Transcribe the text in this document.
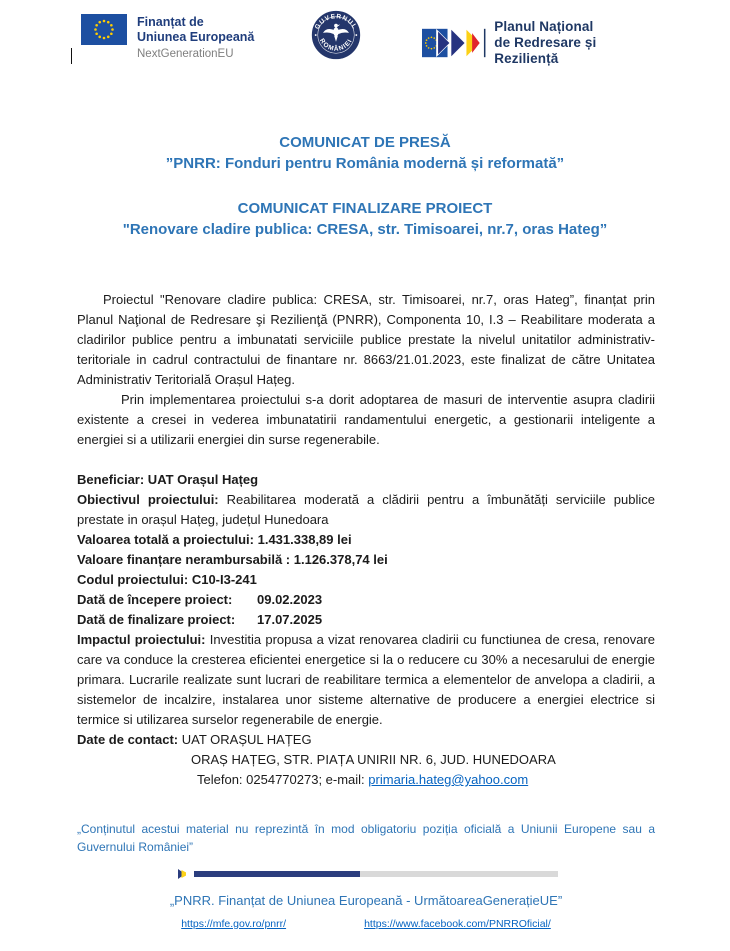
Finanțat de
Uniunea Europeană
NextGenerationEU
GUVERNUL
ROMÂNIEI
Planul Național
de Redresare și Reziliență
COMUNICAT DE PRESĂ
”PNRR: Fonduri pentru România modernă și reformată”
COMUNICAT FINALIZARE PROIECT
"Renovare cladire publica: CRESA, str. Timisoarei, nr.7, oras Hateg”

Proiectul "Renovare cladire publica: CRESA, str. Timisoarei, nr.7, oras Hateg”, finanțat prin Planul Naţional de Redresare şi Rezilienţă (PNRR), Componenta 10, I.3 – Reabilitare moderata a cladirilor publice pentru a imbunatati serviciile publice prestate la nivelul unitatilor administrativ-teritoriale in cadrul contractului de finantare nr. 8663/21.01.2023, este finalizat de către Unitatea Administrativ Teritorială Orașul Hațeg.

Prin implementarea proiectului s-a dorit adoptarea de masuri de interventie asupra cladirii existente a cresei in vederea imbunatatirii randamentului energetic, a gestionarii inteligente a energiei si a utilizarii energiei din surse regenerabile.

Beneficiar: UAT Orașul Hațeg

Obiectivul proiectului: Reabilitarea moderată a clădirii pentru a îmbunătăți serviciile publice prestate in orașul Hațeg, județul Hunedoara

Valoarea totală a proiectului: 1.431.338,89 lei

Valoare finanțare nerambursabilă : 1.126.378,74 lei

Codul proiectului: C10-I3-241

Dată de începere proiect: 09.02.2023

Dată de finalizare proiect: 17.07.2025

Impactul proiectului: Investitia propusa a vizat renovarea cladirii cu functiunea de cresa, renovare care va conduce la cresterea eficientei energetice si la o reducere cu 30% a necesarului de energie primara. Lucrarile realizate sunt lucrari de reabilitare termica a elementelor de anvelopa a cladirii, a sistemelor de incalzire, instalarea unor sisteme alternative de producere a energiei electrice si termice si utilizarea surselor regenerabile de energie.

Date de contact: UAT ORAȘUL HAȚEG

ORAȘ HAȚEG, STR. PIAȚA UNIRII NR. 6, JUD. HUNEDOARA

Telefon: 0254770273; e-mail: primaria.hateg@yahoo.com

„Conținutul acestui material nu reprezintă în mod obligatoriu poziția oficială a Uniunii Europene sau a Guvernului României”

„PNRR. Finanțat de Uniunea Europeană - UrmătoareaGenerațieUE”
https://mfe.gov.ro/pnrr/	https://www.facebook.com/PNRROficial/
